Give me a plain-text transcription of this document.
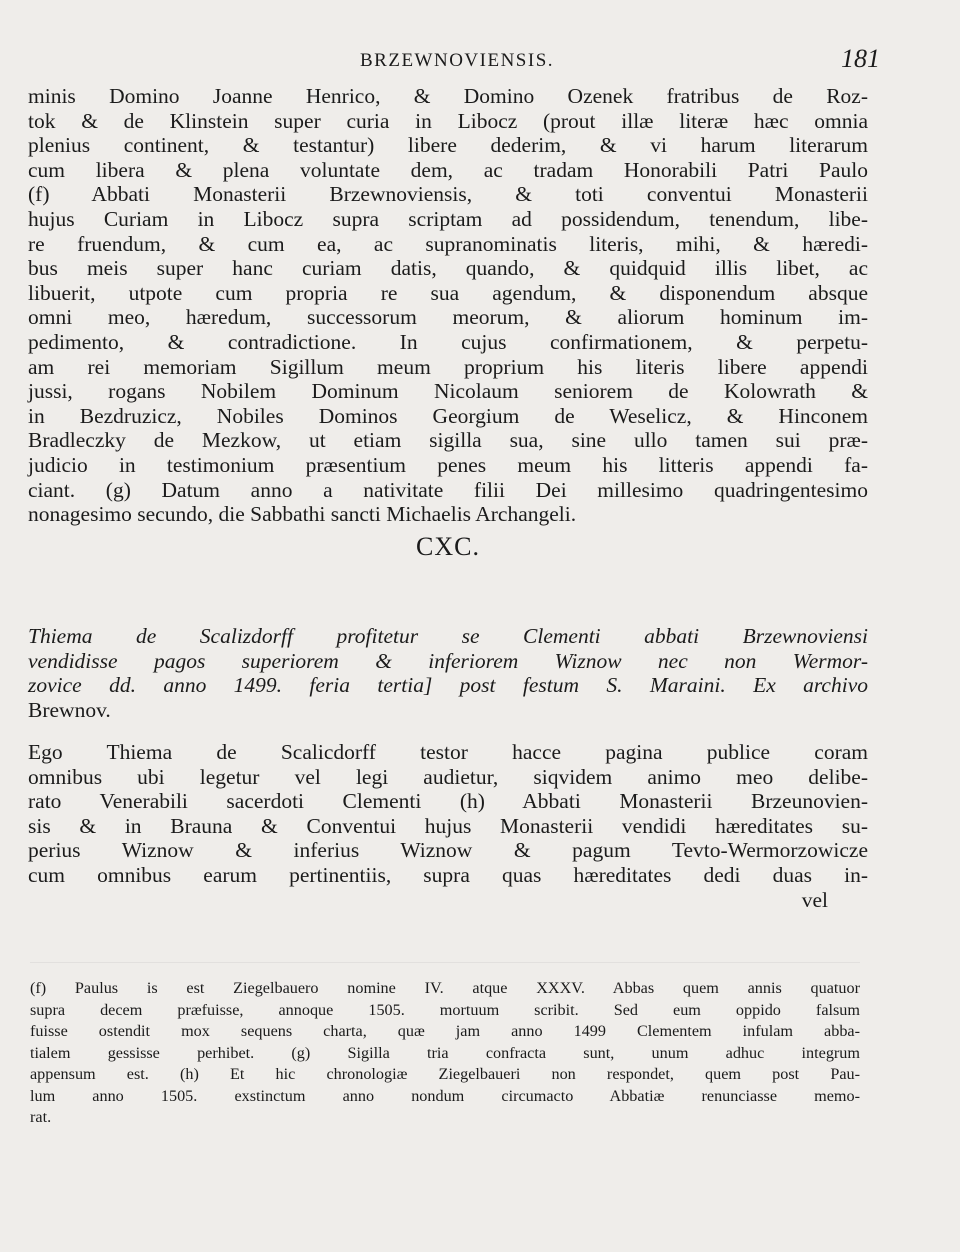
BRZEWNOVIENSIS.	181
minis Domino Joanne Henrico, & Domino Ozenek fratribus de Roz-
tok & de Klinstein super curia in Libocz (prout illæ literæ hæc omnia
plenius continent, & testantur) libere dederim, & vi harum literarum
cum libera & plena voluntate dem, ac tradam Honorabili Patri Paulo
(f) Abbati Monasterii Brzewnoviensis, & toti conventui Monasterii
hujus Curiam in Libocz supra scriptam ad possidendum, tenendum, libe-
re fruendum, & cum ea, ac supranominatis literis, mihi, & hæredi-
bus meis super hanc curiam datis, quando, & quidquid illis libet, ac
libuerit, utpote cum propria re sua agendum, & disponendum absque
omni meo, hæredum, successorum meorum, & aliorum hominum im-
pedimento, & contradictione. In cujus confirmationem, & perpetu-
am rei memoriam Sigillum meum proprium his literis libere appendi
jussi, rogans Nobilem Dominum Nicolaum seniorem de Kolowrath &
in Bezdruzicz, Nobiles Dominos Georgium de Weselicz, & Hinconem
Bradleczky de Mezkow, ut etiam sigilla sua, sine ullo tamen sui præ-
judicio in testimonium præsentium penes meum his litteris appendi fa-
ciant. (g) Datum anno a nativitate filii Dei millesimo quadringentesimo
nonagesimo secundo, die Sabbathi sancti Michaelis Archangeli.
CXC.
Thiema de Scalizdorff profitetur se Clementi abbati Brzewnoviensi
vendidisse pagos superiorem & inferiorem Wiznow nec non Wermor-
zovice dd. anno 1499. feria tertia] post festum S. Maraini. Ex archivo
Brewnov.
Ego Thiema de Scalicdorff testor hacce pagina publice coram
omnibus ubi legetur vel legi audietur, siqvidem animo meo delibe-
rato Venerabili sacerdoti Clementi (h) Abbati Monasterii Brzeunovien-
sis & in Brauna & Conventui hujus Monasterii vendidi hæreditates su-
perius Wiznow & inferius Wiznow & pagum Tevto-Wermorzowicze
cum omnibus earum pertinentiis, supra quas hæreditates dedi duas in-
vel
(f) Paulus is est Ziegelbauero nomine IV. atque XXXV. Abbas quem annis quatuor
supra decem præfuisse, annoque 1505. mortuum scribit. Sed eum oppido falsum
fuisse ostendit mox sequens charta, quæ jam anno 1499 Clementem infulam abba-
tialem gessisse perhibet. (g) Sigilla tria confracta sunt, unum adhuc integrum
appensum est. (h) Et hic chronologiæ Ziegelbaueri non respondet, quem post Pau-
lum anno 1505. exstinctum anno nondum circumacto Abbatiæ renunciasse memo-
rat.
